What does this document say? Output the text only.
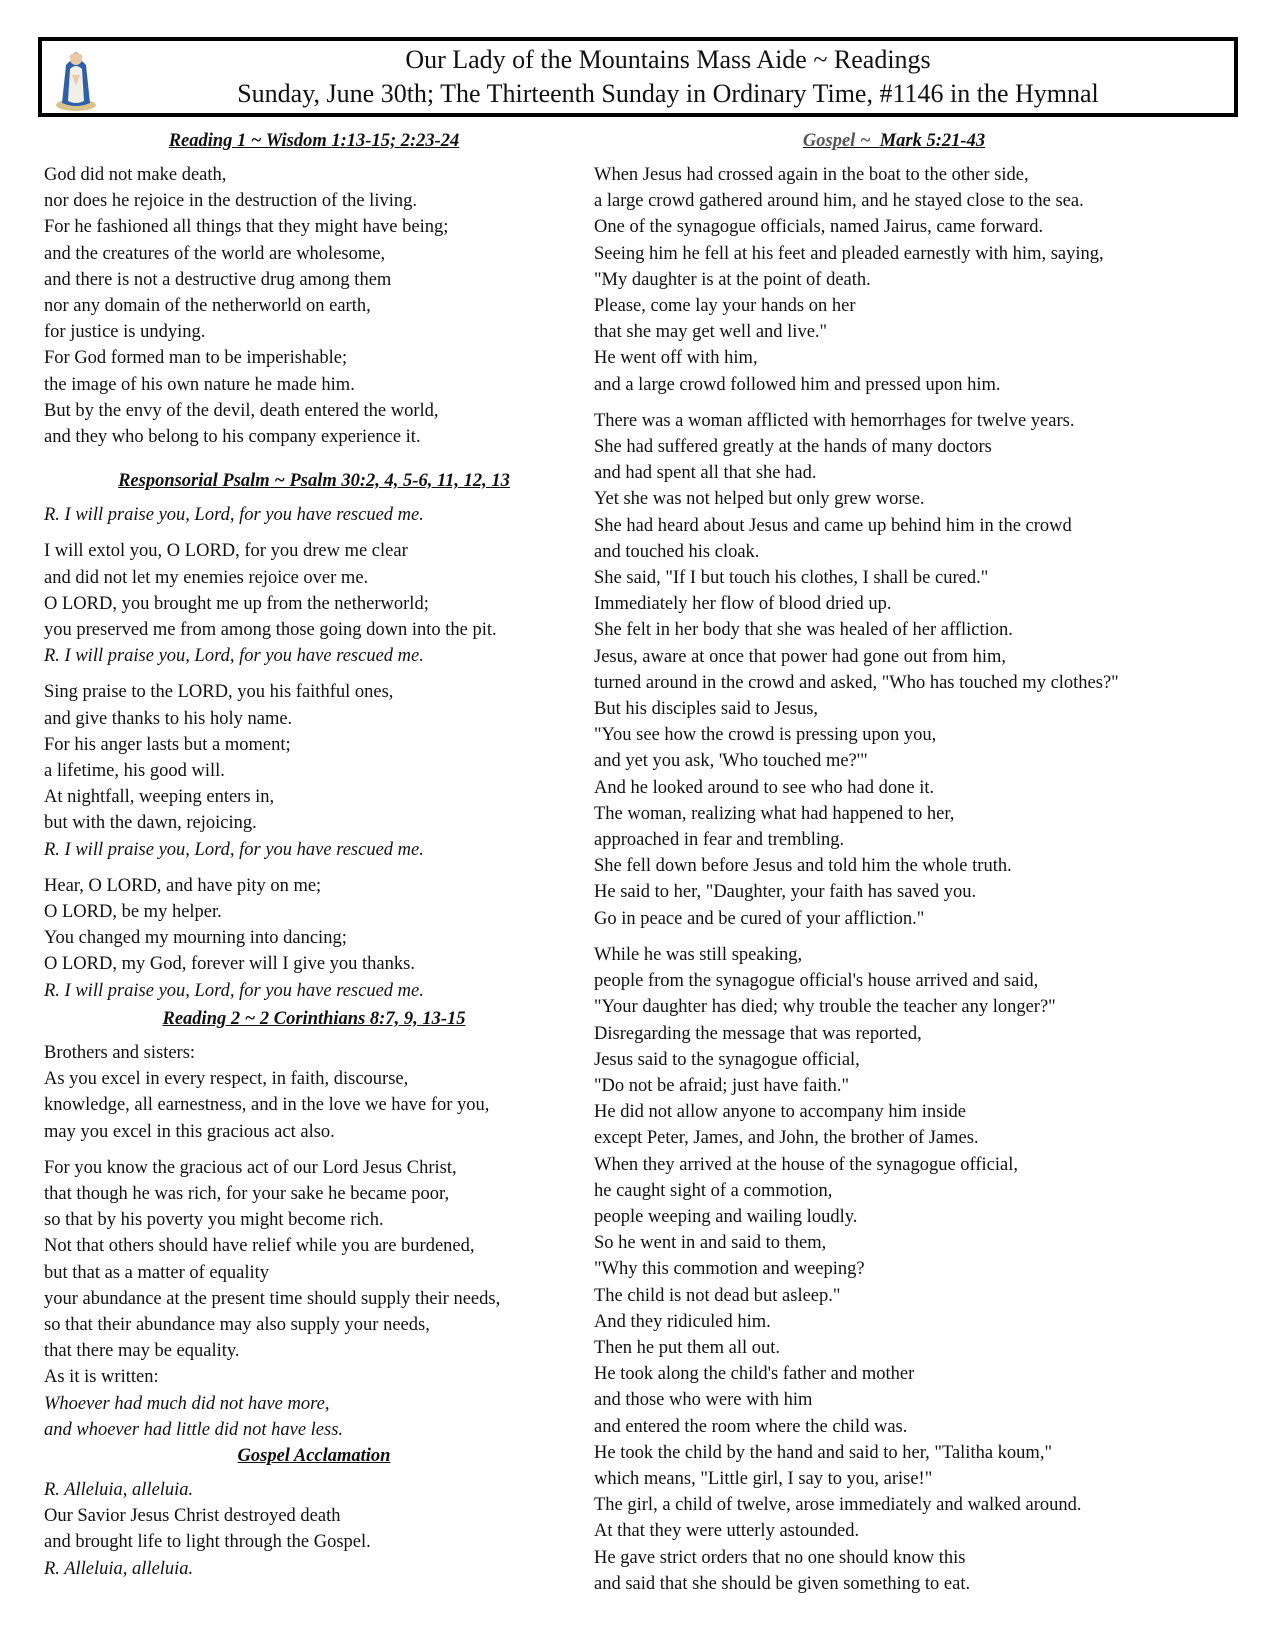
Our Lady of the Mountains Mass Aide ~ Readings
Sunday, June 30th; The Thirteenth Sunday in Ordinary Time, #1146 in the Hymnal
Reading 1 ~ Wisdom 1:13-15; 2:23-24
God did not make death,
nor does he rejoice in the destruction of the living.
For he fashioned all things that they might have being;
and the creatures of the world are wholesome,
and there is not a destructive drug among them
nor any domain of the netherworld on earth,
for justice is undying.
For God formed man to be imperishable;
the image of his own nature he made him.
But by the envy of the devil, death entered the world,
and they who belong to his company experience it.
Responsorial Psalm ~ Psalm 30:2, 4, 5-6, 11, 12, 13
R. I will praise you, Lord, for you have rescued me.
I will extol you, O LORD, for you drew me clear
and did not let my enemies rejoice over me.
O LORD, you brought me up from the netherworld;
you preserved me from among those going down into the pit.
R. I will praise you, Lord, for you have rescued me.
Sing praise to the LORD, you his faithful ones,
and give thanks to his holy name.
For his anger lasts but a moment;
a lifetime, his good will.
At nightfall, weeping enters in,
but with the dawn, rejoicing.
R. I will praise you, Lord, for you have rescued me.
Hear, O LORD, and have pity on me;
O LORD, be my helper.
You changed my mourning into dancing;
O LORD, my God, forever will I give you thanks.
R. I will praise you, Lord, for you have rescued me.
Reading 2 ~ 2 Corinthians 8:7, 9, 13-15
Brothers and sisters:
As you excel in every respect, in faith, discourse,
knowledge, all earnestness, and in the love we have for you,
may you excel in this gracious act also.
For you know the gracious act of our Lord Jesus Christ,
that though he was rich, for your sake he became poor,
so that by his poverty you might become rich.
Not that others should have relief while you are burdened,
but that as a matter of equality
your abundance at the present time should supply their needs,
so that their abundance may also supply your needs,
that there may be equality.
As it is written:
Whoever had much did not have more,
and whoever had little did not have less.
Gospel Acclamation
R. Alleluia, alleluia.
Our Savior Jesus Christ destroyed death
and brought life to light through the Gospel.
R. Alleluia, alleluia.
Gospel ~  Mark 5:21-43
When Jesus had crossed again in the boat to the other side,
a large crowd gathered around him, and he stayed close to the sea.
One of the synagogue officials, named Jairus, came forward.
Seeing him he fell at his feet and pleaded earnestly with him, saying,
"My daughter is at the point of death.
Please, come lay your hands on her
that she may get well and live."
He went off with him,
and a large crowd followed him and pressed upon him.
There was a woman afflicted with hemorrhages for twelve years.
She had suffered greatly at the hands of many doctors
and had spent all that she had.
Yet she was not helped but only grew worse.
She had heard about Jesus and came up behind him in the crowd
and touched his cloak.
She said, "If I but touch his clothes, I shall be cured."
Immediately her flow of blood dried up.
She felt in her body that she was healed of her affliction.
Jesus, aware at once that power had gone out from him,
turned around in the crowd and asked, "Who has touched my clothes?"
But his disciples said to Jesus,
"You see how the crowd is pressing upon you,
and yet you ask, 'Who touched me?'"
And he looked around to see who had done it.
The woman, realizing what had happened to her,
approached in fear and trembling.
She fell down before Jesus and told him the whole truth.
He said to her, "Daughter, your faith has saved you.
Go in peace and be cured of your affliction."
While he was still speaking,
people from the synagogue official's house arrived and said,
"Your daughter has died; why trouble the teacher any longer?"
Disregarding the message that was reported,
Jesus said to the synagogue official,
"Do not be afraid; just have faith."
He did not allow anyone to accompany him inside
except Peter, James, and John, the brother of James.
When they arrived at the house of the synagogue official,
he caught sight of a commotion,
people weeping and wailing loudly.
So he went in and said to them,
"Why this commotion and weeping?
The child is not dead but asleep."
And they ridiculed him.
Then he put them all out.
He took along the child's father and mother
and those who were with him
and entered the room where the child was.
He took the child by the hand and said to her, "Talitha koum,"
which means, "Little girl, I say to you, arise!"
The girl, a child of twelve, arose immediately and walked around.
At that they were utterly astounded.
He gave strict orders that no one should know this
and said that she should be given something to eat.
